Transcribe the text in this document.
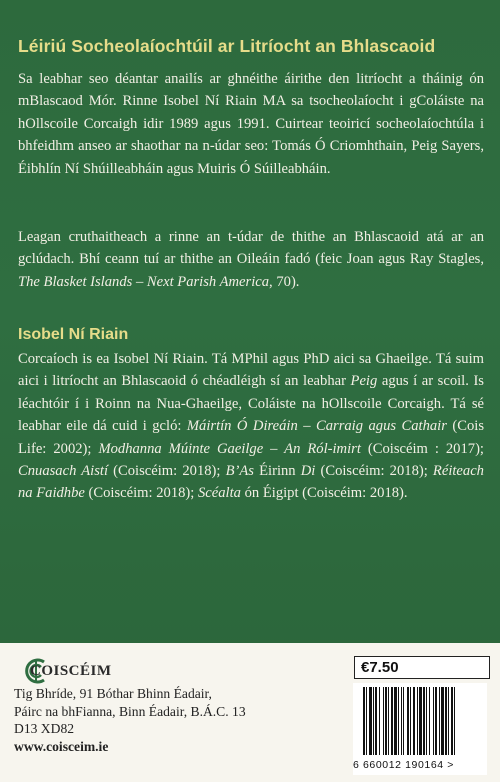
Léiriú Socheolaíochtúil ar Litríocht an Bhlascaoid
Sa leabhar seo déantar anailís ar ghnéithe áirithe den litríocht a tháinig ón mBlascaod Mór. Rinne Isobel Ní Riain MA sa tsocheolaíocht i gColáiste na hOllscoile Corcaigh idir 1989 agus 1991. Cuirtear teoiricí socheolaíochtúla i bhfeidhm anseo ar shaothar na n-údar seo: Tomás Ó Criomhthain, Peig Sayers, Éibhlín Ní Shúilleabháin agus Muiris Ó Súilleabháin.
Leagan cruthaitheach a rinne an t-údar de thithe an Bhlascaoid atá ar an gclúdach. Bhí ceann tuí ar thithe an Oileáin fadó (feic Joan agus Ray Stagles, The Blasket Islands – Next Parish America, 70).
Isobel Ní Riain
Corcaíoch is ea Isobel Ní Riain. Tá MPhil agus PhD aici sa Ghaeilge. Tá suim aici i litríocht an Bhlascaoid ó chéadléigh sí an leabhar Peig agus í ar scoil. Is léachtóir í i Roinn na Nua-Ghaeilge, Coláiste na hOllscoile Corcaigh. Tá sé leabhar eile dá cuid i gcló: Máirtín Ó Direáin – Carraig agus Cathair (Cois Life: 2002); Modhanna Múinte Gaeilge – An Ról-imirt (Coiscéim : 2017); Cnuasach Aistí (Coiscéim: 2018); B’As Éirinn Di (Coiscéim: 2018); Réiteach na Faidhbe (Coiscéim: 2018); Scéalta ón Éigipt (Coiscéim: 2018).
COISCÉIM
Tig Bhríde, 91 Bóthar Bhinn Éadair,
Páirc na bhFianna, Binn Éadair, B.Á.C. 13
D13 XD82
www.coisceim.ie
€7.50
6 660012 190164 >
